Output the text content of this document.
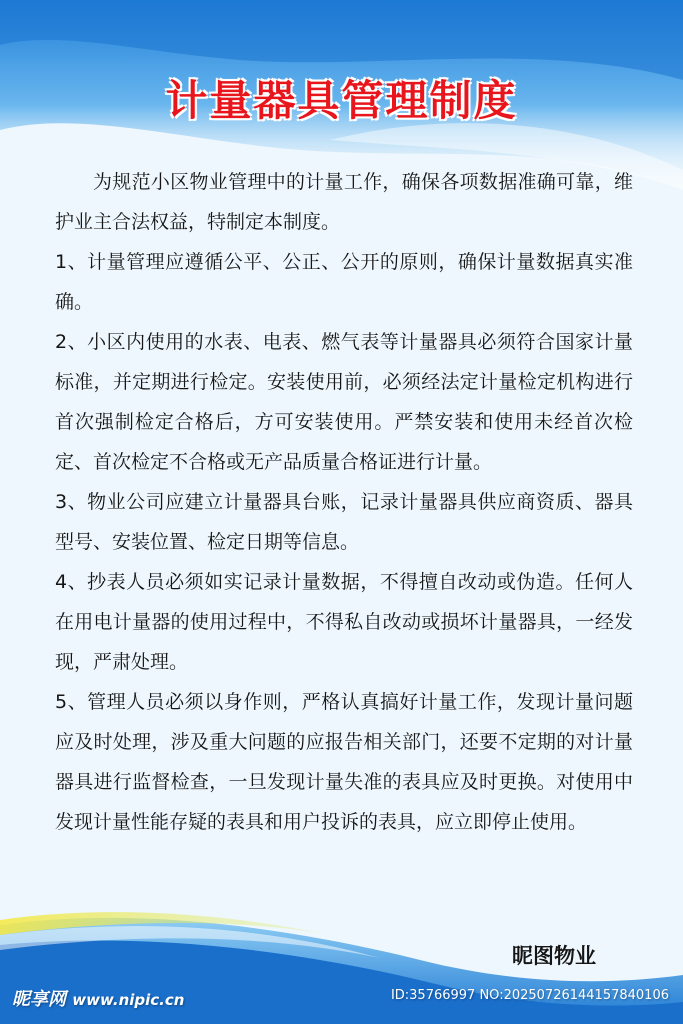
计量器具管理制度

为规范小区物业管理中的计量工作，确保各项数据准确可靠，维护业主合法权益，特制定本制度。

1、计量管理应遵循公平、公正、公开的原则，确保计量数据真实准确。

2、小区内使用的水表、电表、燃气表等计量器具必须符合国家计量标准，并定期进行检定。安装使用前，必须经法定计量检定机构进行首次强制检定合格后，方可安装使用。严禁安装和使用未经首次检定、首次检定不合格或无产品质量合格证进行计量。

3、物业公司应建立计量器具台账，记录计量器具供应商资质、器具型号、安装位置、检定日期等信息。

4、抄表人员必须如实记录计量数据，不得擅自改动或伪造。任何人在用电计量器的使用过程中，不得私自改动或损坏计量器具，一经发现，严肃处理。

5、管理人员必须以身作则，严格认真搞好计量工作，发现计量问题应及时处理，涉及重大问题的应报告相关部门，还要不定期的对计量器具进行监督检查，一旦发现计量失准的表具应及时更换。对使用中发现计量性能存疑的表具和用户投诉的表具，应立即停止使用。

昵图物业
昵享网 www.nipic.cn	ID:35766997 NO:20250726144157840106
